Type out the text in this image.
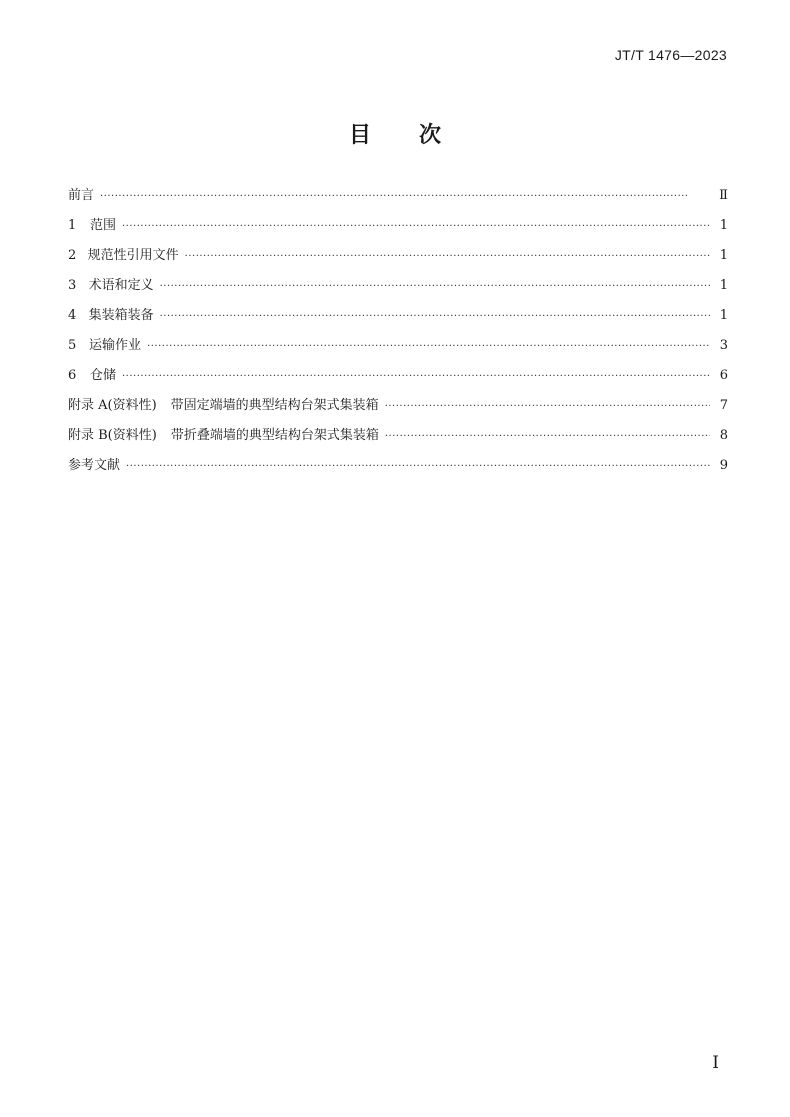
JT/T 1476—2023
目 次
前言 ·····	Ⅱ
1	范围 ·····	1
2 规范性引用文件 ·····	1
3 术语和定义 ·····	1
4 集装箱装备 ·····	1
5 运输作业 ·····	3
6	仓储 ·····	6
附录 A(资料性) 带固定端墙的典型结构台架式集装箱 ·····	7
附录 B(资料性) 带折叠端墙的典型结构台架式集装箱 ·····	8
参考文献 ·····	9
Ⅰ
